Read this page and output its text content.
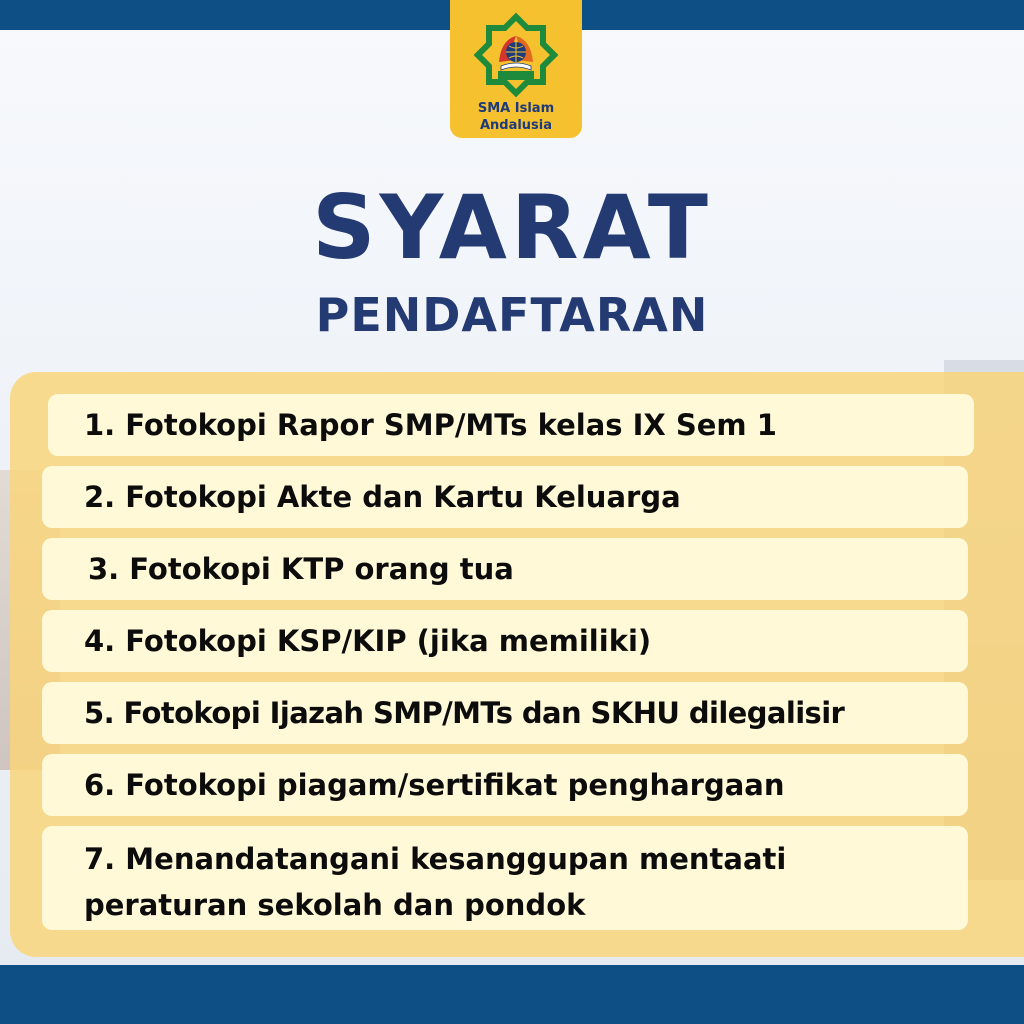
SMA Islam
Andalusia
SYARAT
PENDAFTARAN
1. Fotokopi Rapor SMP/MTs kelas IX Sem 1
2. Fotokopi Akte dan Kartu Keluarga
3. Fotokopi KTP orang tua
4. Fotokopi KSP/KIP (jika memiliki)
5. Fotokopi Ijazah SMP/MTs dan SKHU dilegalisir
6. Fotokopi piagam/sertifikat penghargaan
7. Menandatangani kesanggupan mentaati
peraturan sekolah dan pondok
